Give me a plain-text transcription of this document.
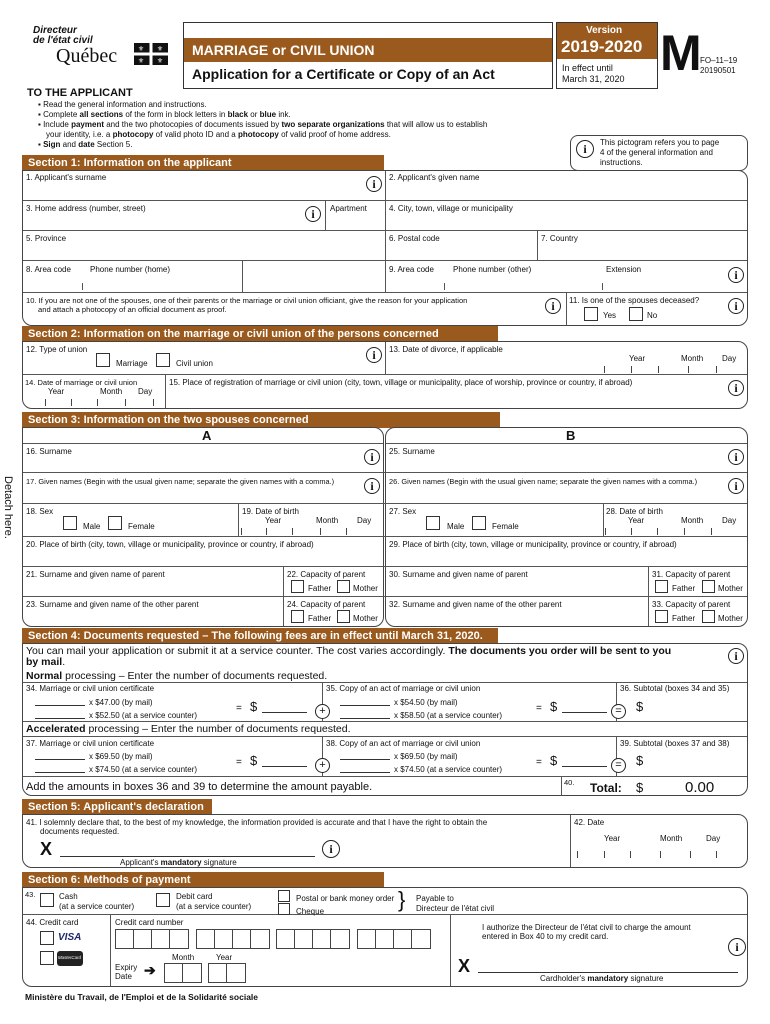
Directeur
de l'état civil
Québec	⚜ ⚜
⚜ ⚜
MARRIAGE or CIVIL UNION
Application for a Certificate or Copy of an Act
Version
2019-2020
In effect until
March 31, 2020 M
FO–11–19
20190501
TO THE APPLICANT
▪ Read the general information and instructions.
▪ Complete all sections of the form in block letters in black or blue ink.
▪ Include payment and the two photocopies of documents issued by two separate organizations that will allow us to establish
your identity, i.e. a photocopy of valid photo ID and a photocopy of valid proof of home address.
▪ Sign and date Section 5.	i	This pictogram refers you to page
4 of the general information and
instructions.
Section 1: Information on the applicant
1. Applicant's surname	i	2. Applicant's given name
3. Home address (number, street)	i	Apartment	4. City, town, village or municipality
5. Province	6. Postal code	7. Country
8. Area code Phone number (home)	9. Area code Phone number (other)	Extension	i
10. If you are not one of the spouses, one of their parents or the marriage or civil union officiant, give the reason for your application
and attach a photocopy of an official document as proof.	i	11. Is one of the spouses deceased?
Yes	No
i
Section 2: Information on the marriage or civil union of the persons concerned
12. Type of union
Marriage	Civil union
i	13. Date of divorce, if applicable
Year	Month Day
14. Date of marriage or civil union
Year	Month Day
15. Place of registration of marriage or civil union (city, town, village or municipality, place of worship, province or country, if abroad)	i
Section 3: Information on the two spouses concerned
A	B
16. Surname	i
17. Given names (Begin with the usual given name; separate the given names with a comma.)	i
18. Sex
Male	Female
19. Date of birth
Year	Month Day
20. Place of birth (city, town, village or municipality, province or country, if abroad)
21. Surname and given name of parent	22. Capacity of parent
Father	Mother
23. Surname and given name of the other parent	24. Capacity of parent
Father	Mother
25. Surname	i
26. Given names (Begin with the usual given name; separate the given names with a comma.)	i
27. Sex
Male	Female
28. Date of birth
Year	Month Day
29. Place of birth (city, town, village or municipality, province or country, if abroad)
30. Surname and given name of parent	31. Capacity of parent
Father	Mother
32. Surname and given name of the other parent	33. Capacity of parent
Father	Mother
Detach here.
Section 4: Documents requested – The following fees are in effect until March 31, 2020.
You can mail your application or submit it at a service counter. The cost varies accordingly. The documents you order will be sent to you
by mail.	i
Normal processing – Enter the number of documents requested.
34. Marriage or civil union certificate
x $47.00 (by mail)
x $52.50 (at a service counter)
= $	+
35. Copy of an act of marriage or civil union
x $54.50 (by mail)
x $58.50 (at a service counter)
= $	=
36. Subtotal (boxes 34 and 35)
$
Accelerated processing – Enter the number of documents requested.
37. Marriage or civil union certificate
x $69.50 (by mail)
x $74.50 (at a service counter)
= $	+
38. Copy of an act of marriage or civil union
x $69.50 (by mail)
x $74.50 (at a service counter)
= $	=
39. Subtotal (boxes 37 and 38)
$
Add the amounts in boxes 36 and 39 to determine the amount payable.	40. Total: $	0.00
Section 5: Applicant's declaration
41. I solemnly declare that, to the best of my knowledge, the information provided is accurate and that I have the right to obtain the
documents requested.
X	i
Applicant's mandatory signature
42. Date
Year	Month	Day
Section 6: Methods of payment
43.	Cash
(at a service counter)
Debit card
(at a service counter)
Postal or bank money order
Cheque	} Payable to
Directeur de l'état civil
44. Credit card
VISA
MasterCard
Credit card number
Month	Year
Expiry
Date ➔
I authorize the Directeur de l'état civil to charge the amount
entered in Box 40 to my credit card.
i
X
Cardholder's mandatory signature
Ministère du Travail, de l'Emploi et de la Solidarité sociale
